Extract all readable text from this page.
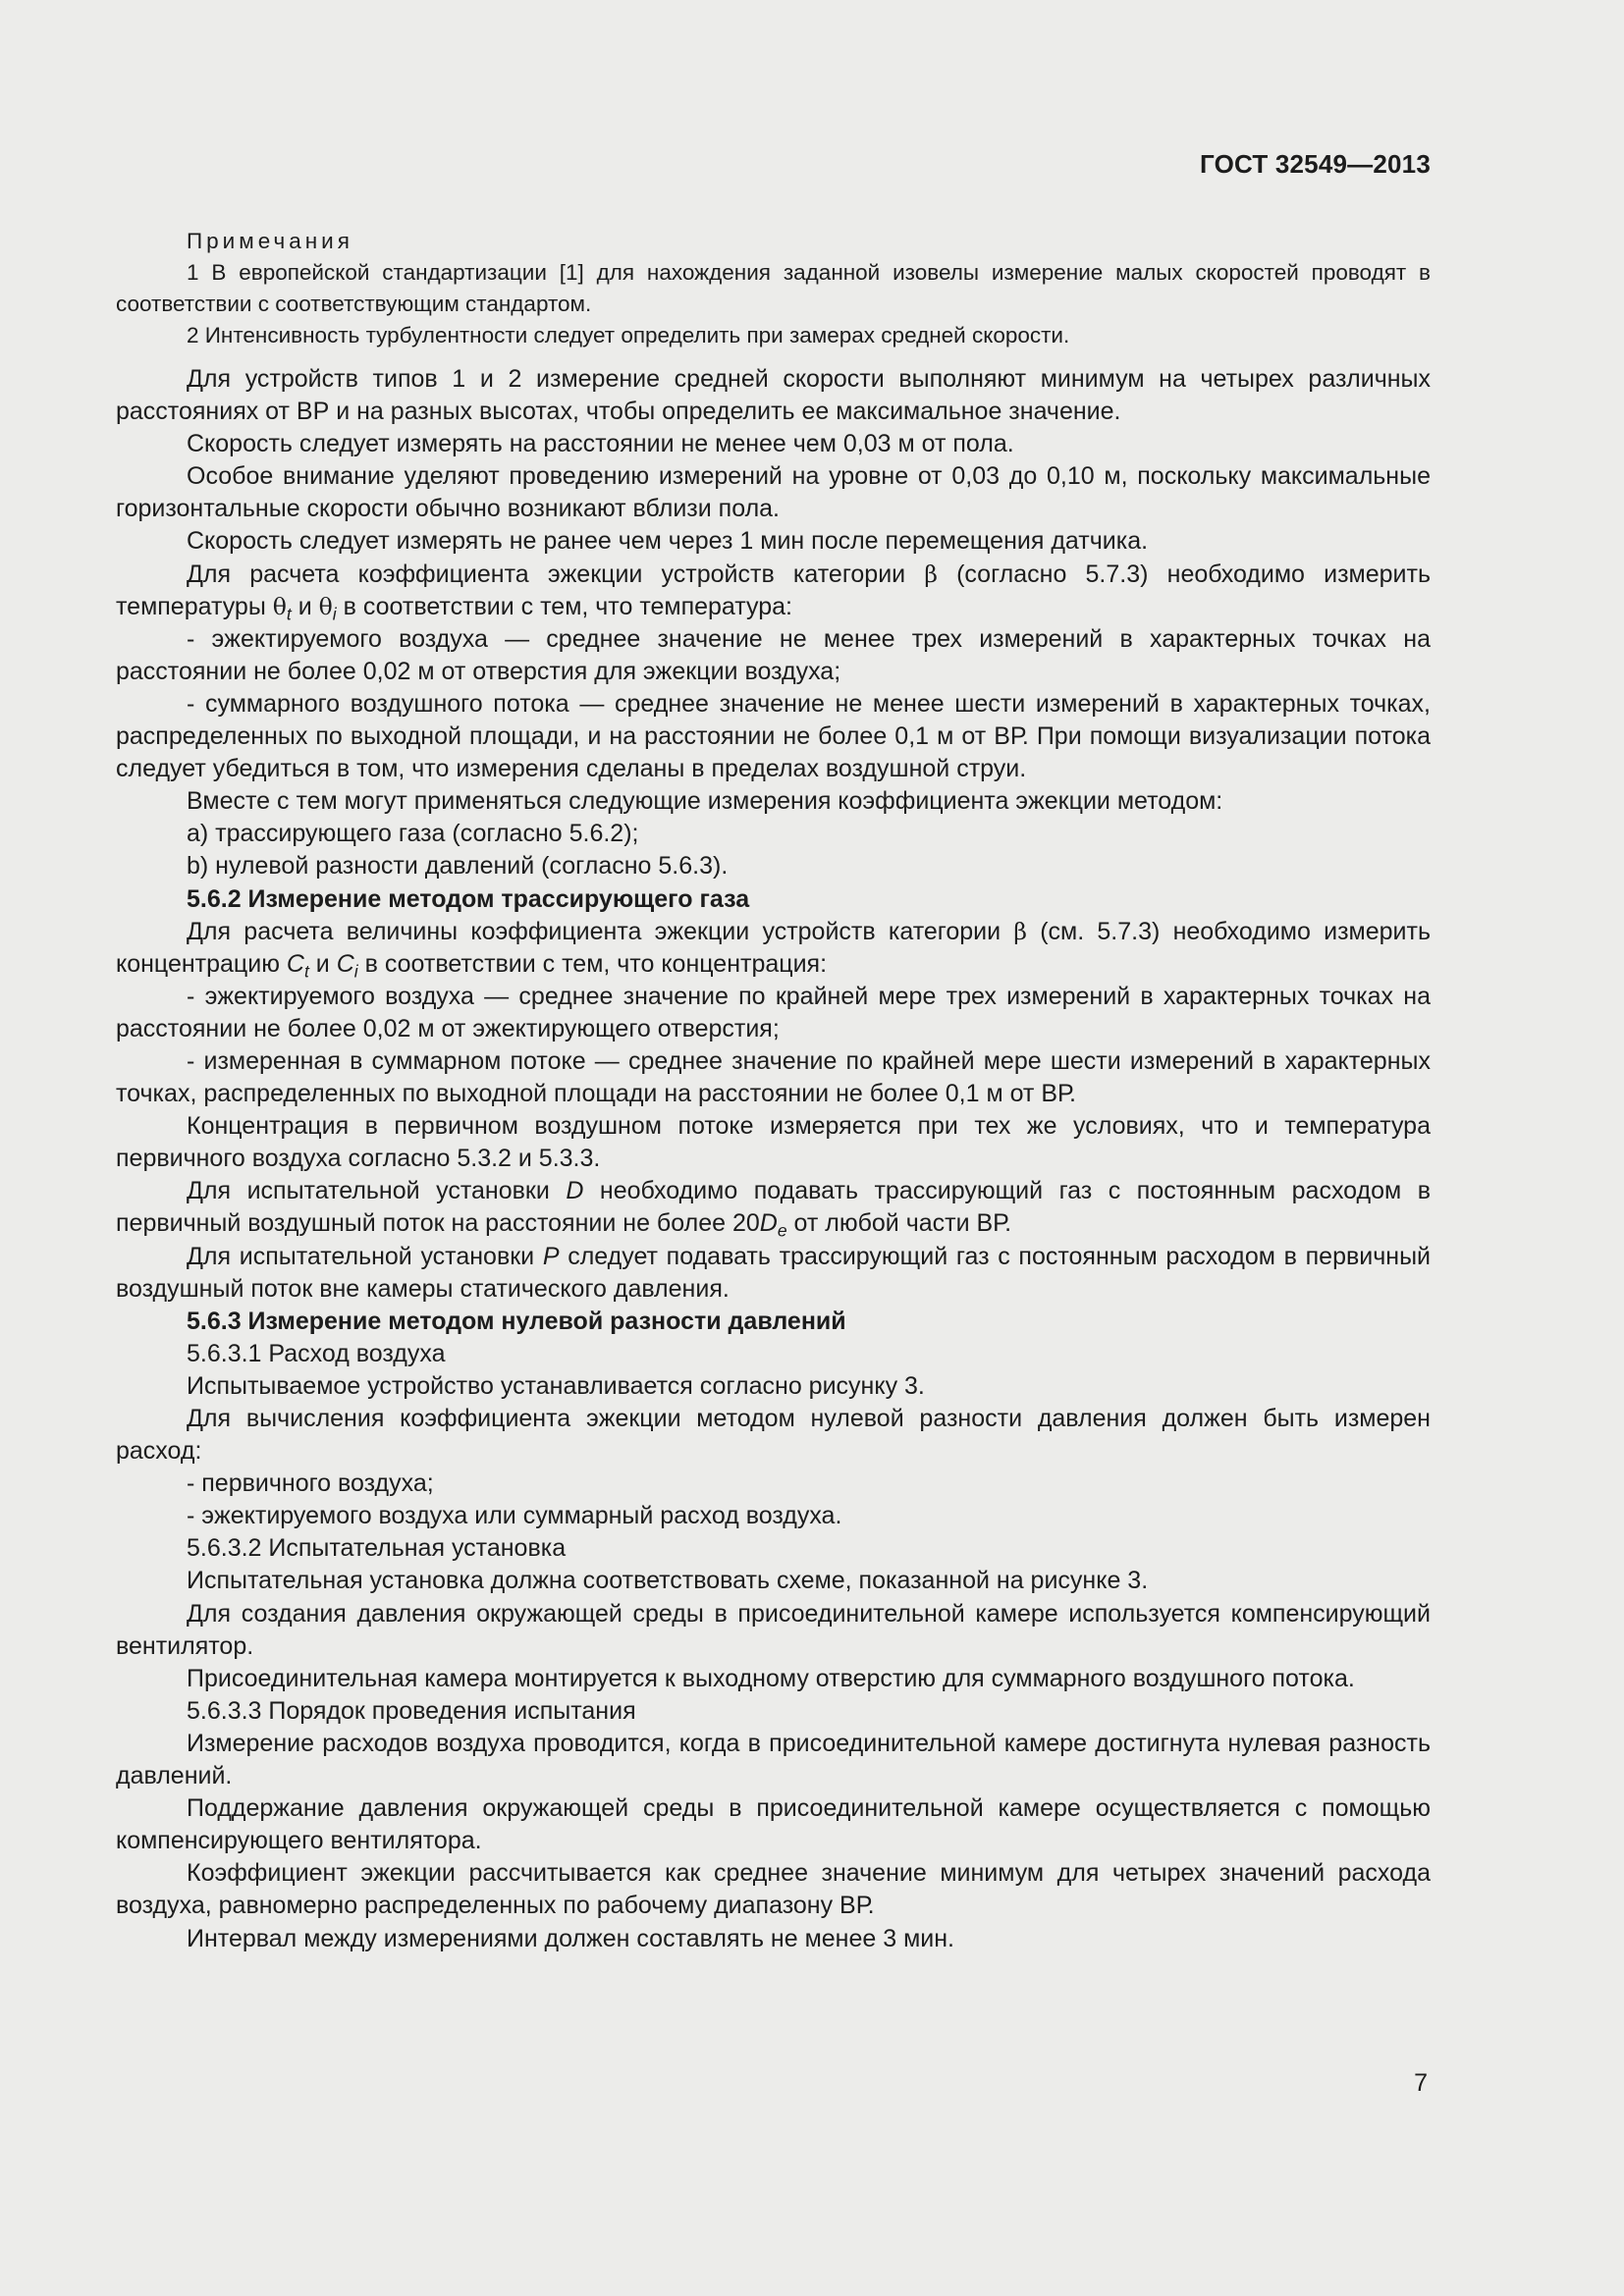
ГОСТ 32549—2013

Примечания

1 В европейской стандартизации [1] для нахождения заданной изовелы измерение малых скоростей проводят в соответствии с соответствующим стандартом.

2 Интенсивность турбулентности следует определить при замерах средней скорости.

Для устройств типов 1 и 2 измерение средней скорости выполняют минимум на четырех различных расстояниях от ВР и на разных высотах, чтобы определить ее максимальное значение.

Скорость следует измерять на расстоянии не менее чем 0,03 м от пола.

Особое внимание уделяют проведению измерений на уровне от 0,03 до 0,10 м, поскольку максимальные горизонтальные скорости обычно возникают вблизи пола.

Скорость следует измерять не ранее чем через 1 мин после перемещения датчика.

Для расчета коэффициента эжекции устройств категории β (согласно 5.7.3) необходимо измерить температуры $\theta_t$ и $\theta_i$ в соответствии с тем, что температура:

- эжектируемого воздуха — среднее значение не менее трех измерений в характерных точках на расстоянии не более 0,02 м от отверстия для эжекции воздуха;

- суммарного воздушного потока — среднее значение не менее шести измерений в характерных точках, распределенных по выходной площади, и на расстоянии не более 0,1 м от ВР. При помощи визуализации потока следует убедиться в том, что измерения сделаны в пределах воздушной струи.

Вместе с тем могут применяться следующие измерения коэффициента эжекции методом:

а) трассирующего газа (согласно 5.6.2);

b) нулевой разности давлений (согласно 5.6.3).

5.6.2 Измерение методом трассирующего газа

Для расчета величины коэффициента эжекции устройств категории β (см. 5.7.3) необходимо измерить концентрацию $C_t$ и $C_i$ в соответствии с тем, что концентрация:

- эжектируемого воздуха — среднее значение по крайней мере трех измерений в характерных точках на расстоянии не более 0,02 м от эжектирующего отверстия;

- измеренная в суммарном потоке — среднее значение по крайней мере шести измерений в характерных точках, распределенных по выходной площади на расстоянии не более 0,1 м от ВР.

Концентрация в первичном воздушном потоке измеряется при тех же условиях, что и температура первичного воздуха согласно 5.3.2 и 5.3.3.

Для испытательной установки D необходимо подавать трассирующий газ с постоянным расходом в первичный воздушный поток на расстоянии не более $20D_e$ от любой части ВР.

Для испытательной установки P следует подавать трассирующий газ с постоянным расходом в первичный воздушный поток вне камеры статического давления.

5.6.3 Измерение методом нулевой разности давлений

5.6.3.1 Расход воздуха

Испытываемое устройство устанавливается согласно рисунку 3.

Для вычисления коэффициента эжекции методом нулевой разности давления должен быть измерен расход:

- первичного воздуха;

- эжектируемого воздуха или суммарный расход воздуха.

5.6.3.2 Испытательная установка

Испытательная установка должна соответствовать схеме, показанной на рисунке 3.

Для создания давления окружающей среды в присоединительной камере используется компенсирующий вентилятор.

Присоединительная камера монтируется к выходному отверстию для суммарного воздушного потока.

5.6.3.3 Порядок проведения испытания

Измерение расходов воздуха проводится, когда в присоединительной камере достигнута нулевая разность давлений.

Поддержание давления окружающей среды в присоединительной камере осуществляется с помощью компенсирующего вентилятора.

Коэффициент эжекции рассчитывается как среднее значение минимум для четырех значений расхода воздуха, равномерно распределенных по рабочему диапазону ВР.

Интервал между измерениями должен составлять не менее 3 мин.

7
